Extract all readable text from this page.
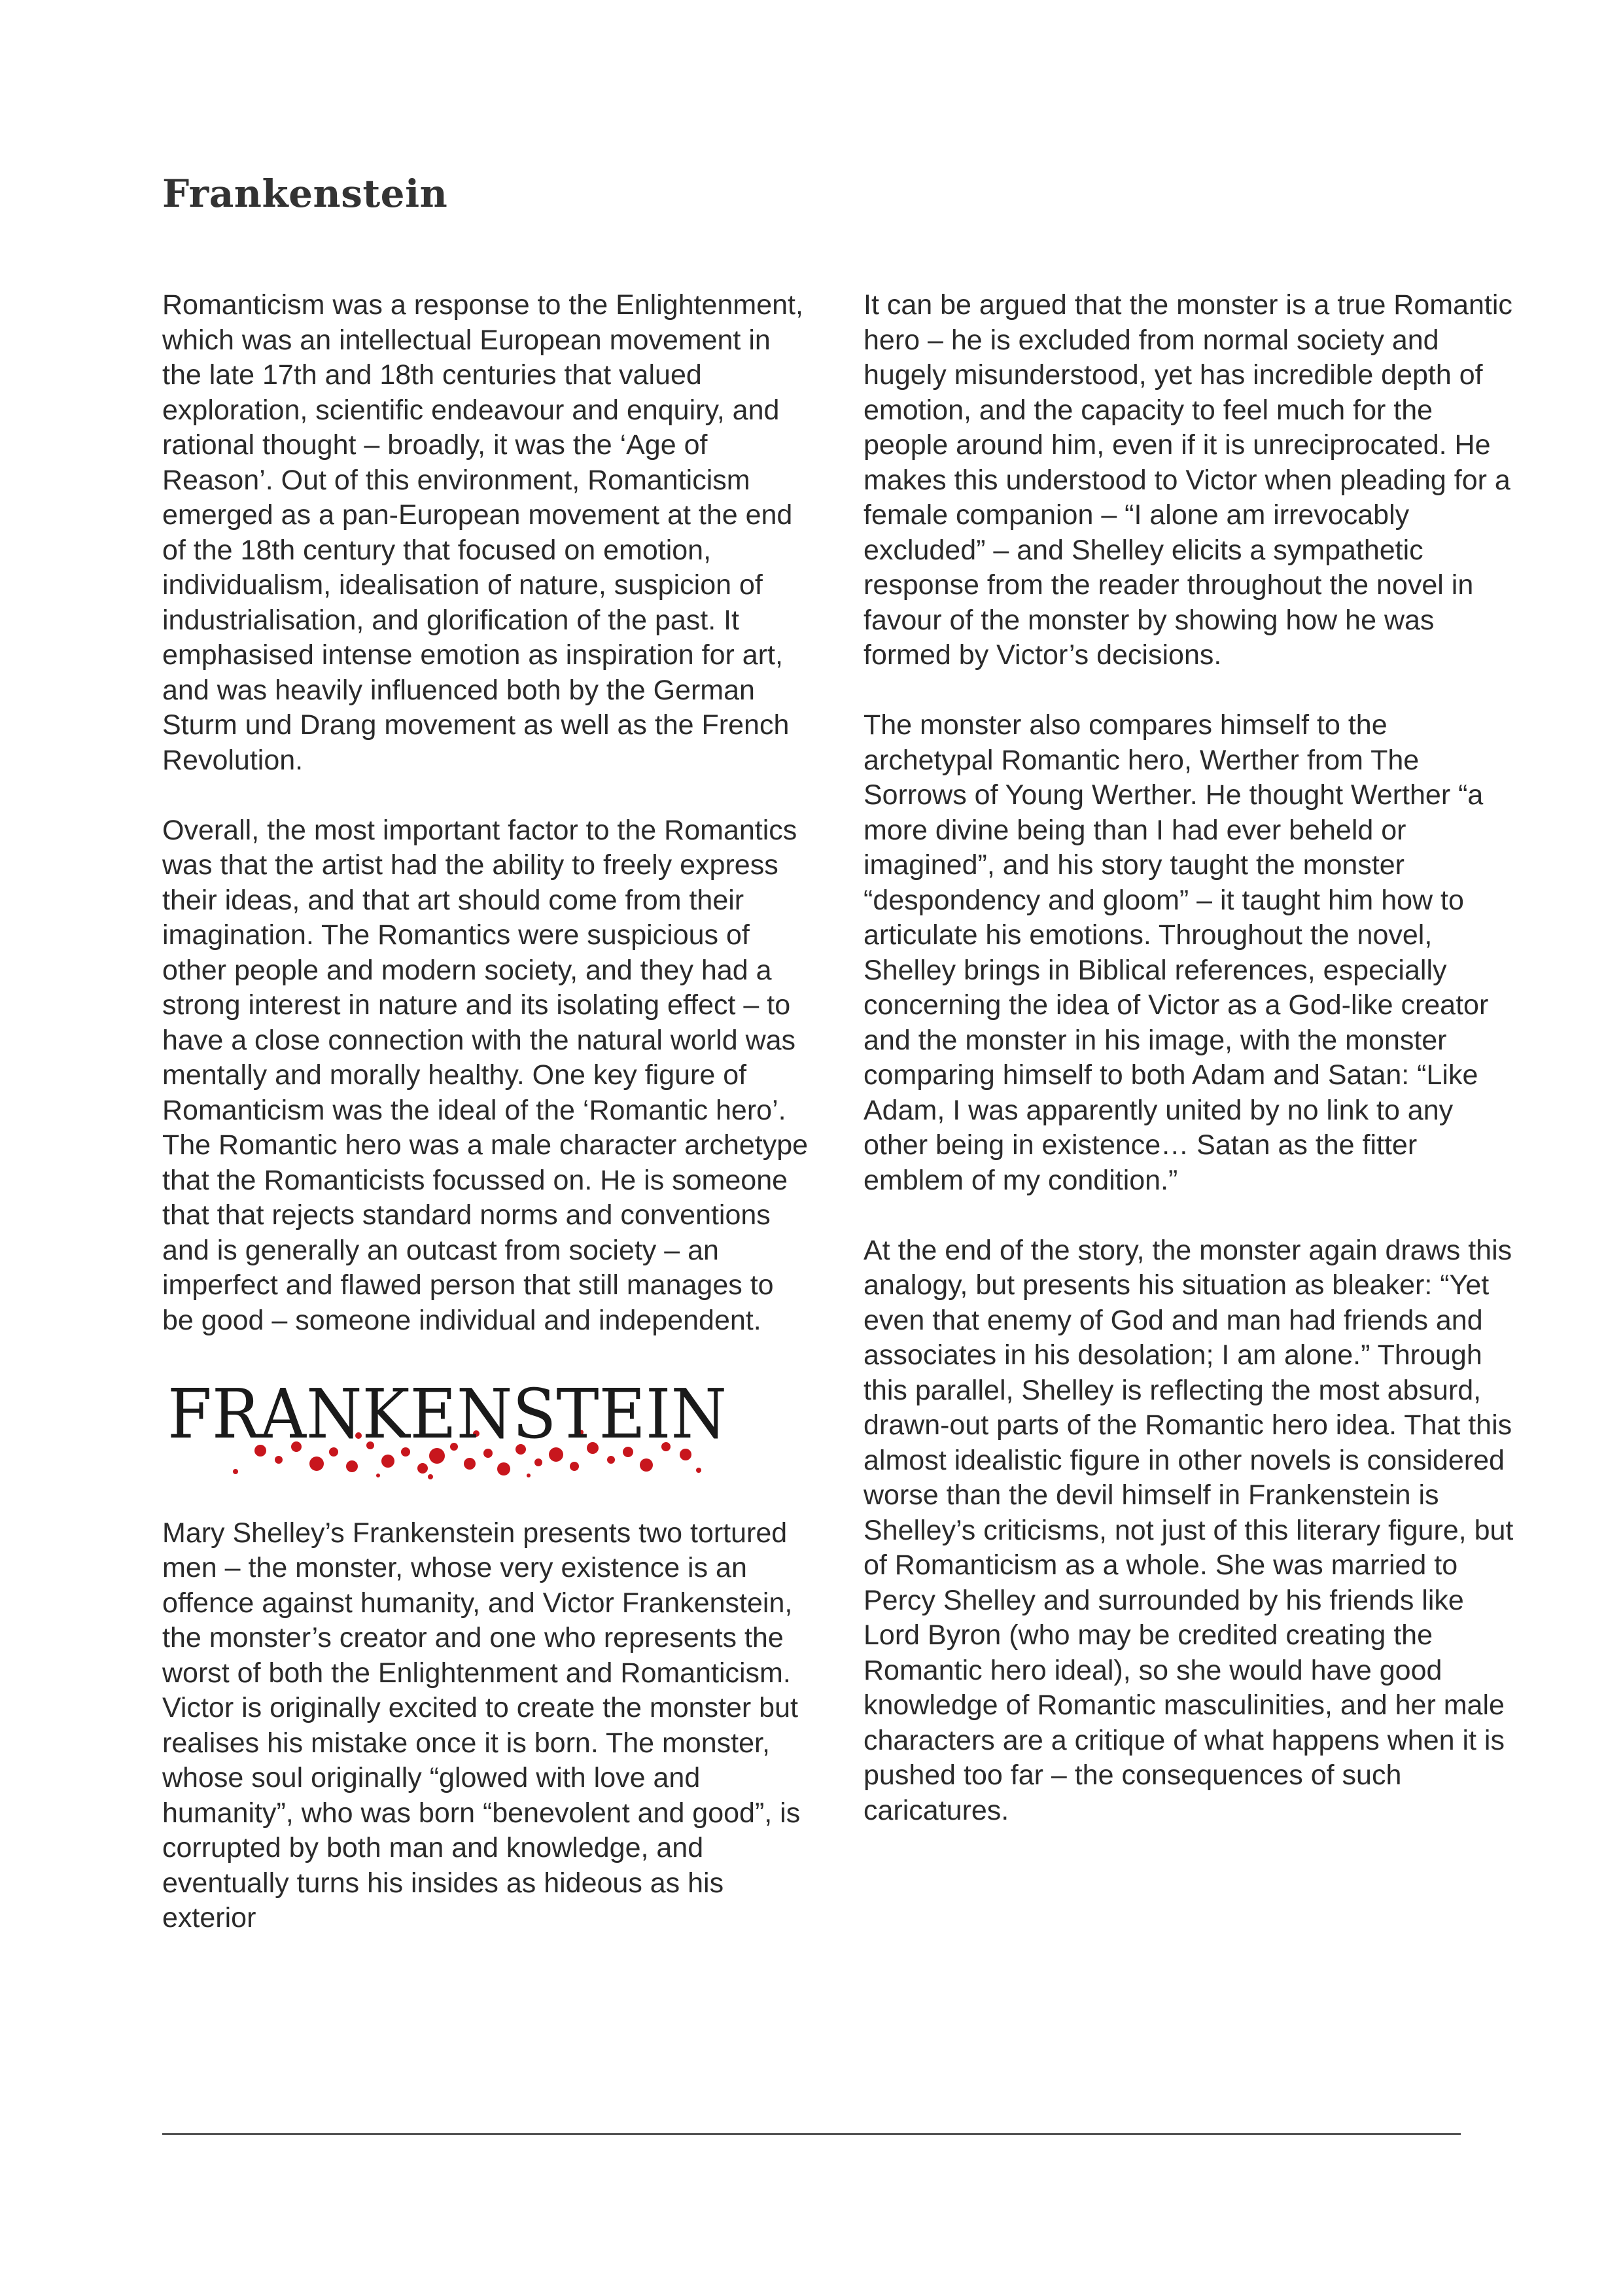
Frankenstein

Romanticism was a response to the Enlightenment, which was an intellectual European movement in the late 17th and 18th centuries that valued exploration, scientific endeavour and enquiry, and rational thought – broadly, it was the ‘Age of Reason’. Out of this environment, Romanticism emerged as a pan-European movement at the end of the 18th century that focused on emotion, individualism, idealisation of nature, suspicion of industrialisation, and glorification of the past. It emphasised intense emotion as inspiration for art, and was heavily influenced both by the German Sturm und Drang movement as well as the French Revolution.

Overall, the most important factor to the Romantics was that the artist had the ability to freely express their ideas, and that art should come from their imagination. The Romantics were suspicious of other people and modern society, and they had a strong interest in nature and its isolating effect – to have a close connection with the natural world was mentally and morally healthy. One key figure of Romanticism was the ideal of the ‘Romantic hero’. The Romantic hero was a male character archetype that the Romanticists focussed on. He is someone that that rejects standard norms and conventions and is generally an outcast from society – an imperfect and flawed person that still manages to be good – someone individual and independent.

FRANKENSTEIN

Mary Shelley’s Frankenstein presents two tortured men – the monster, whose very existence is an offence against humanity, and Victor Frankenstein, the monster’s creator and one who represents the worst of both the Enlightenment and Romanticism. Victor is originally excited to create the monster but realises his mistake once it is born. The monster, whose soul originally “glowed with love and humanity”, who was born “benevolent and good”, is corrupted by both man and knowledge, and eventually turns his insides as hideous as his exterior

It can be argued that the monster is a true Romantic hero – he is excluded from normal society and hugely misunderstood, yet has incredible depth of emotion, and the capacity to feel much for the people around him, even if it is unreciprocated. He makes this understood to Victor when pleading for a female companion – “I alone am irrevocably excluded” – and Shelley elicits a sympathetic response from the reader throughout the novel in favour of the monster by showing how he was formed by Victor’s decisions.

The monster also compares himself to the archetypal Romantic hero, Werther from The Sorrows of Young Werther. He thought Werther “a more divine being than I had ever beheld or imagined”, and his story taught the monster “despondency and gloom” – it taught him how to articulate his emotions. Throughout the novel, Shelley brings in Biblical references, especially concerning the idea of Victor as a God-like creator and the monster in his image, with the monster comparing himself to both Adam and Satan: “Like Adam, I was apparently united by no link to any other being in existence… Satan as the fitter emblem of my condition.”

At the end of the story, the monster again draws this analogy, but presents his situation as bleaker: “Yet even that enemy of God and man had friends and associates in his desolation; I am alone.” Through this parallel, Shelley is reflecting the most absurd, drawn-out parts of the Romantic hero idea. That this almost idealistic figure in other novels is considered worse than the devil himself in Frankenstein is Shelley’s criticisms, not just of this literary figure, but of Romanticism as a whole. She was married to Percy Shelley and surrounded by his friends like Lord Byron (who may be credited creating the Romantic hero ideal), so she would have good knowledge of Romantic masculinities, and her male characters are a critique of what happens when it is pushed too far – the consequences of such caricatures.
